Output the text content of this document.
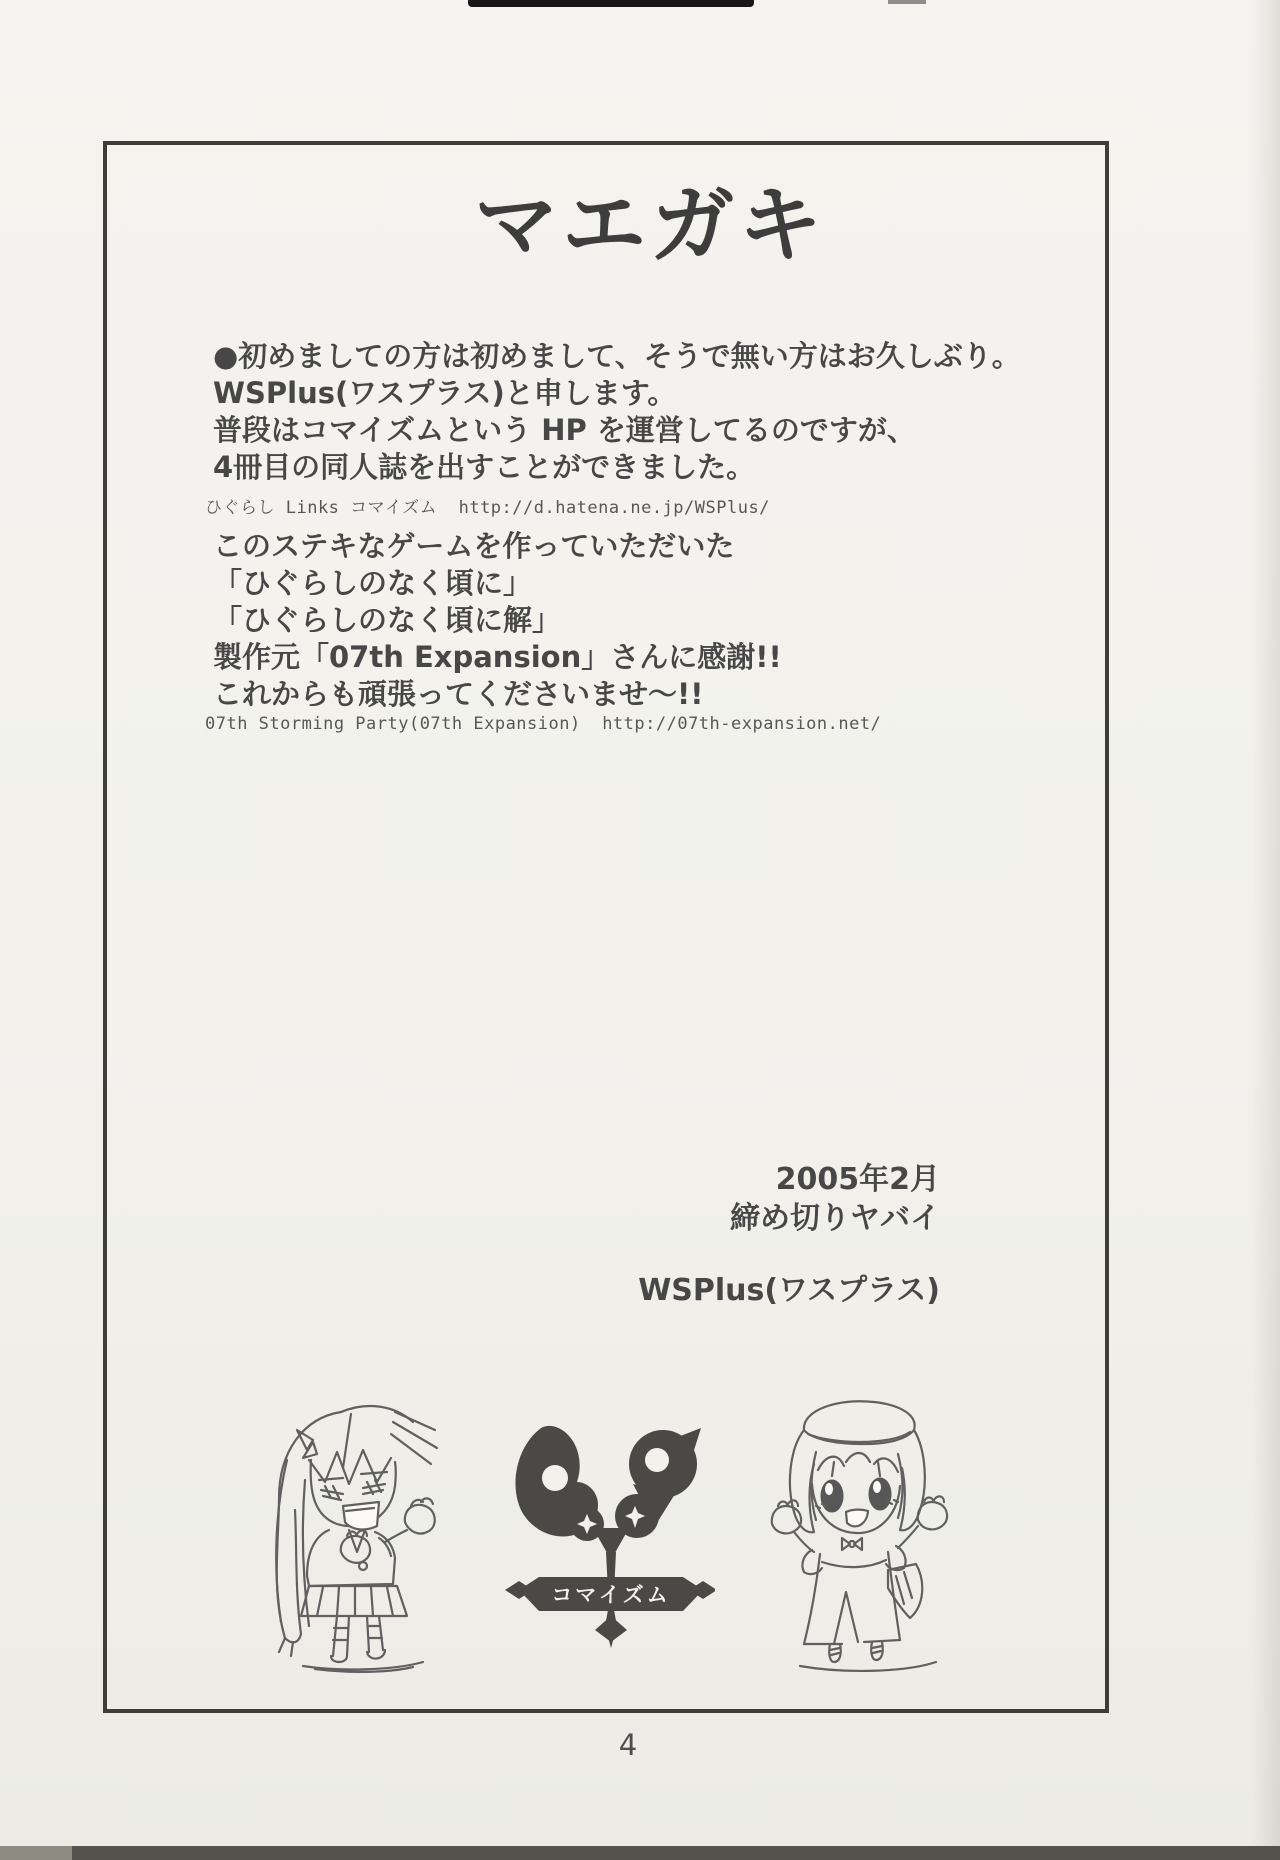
マエガキ
●初めましての方は初めまして、そうで無い方はお久しぶり。
WSPlus(ワスプラス)と申します。
普段はコマイズムという HP を運営してるのですが、
4冊目の同人誌を出すことができました。
ひぐらし Links コマイズム  http://d.hatena.ne.jp/WSPlus/
このステキなゲームを作っていただいた
「ひぐらしのなく頃に」
「ひぐらしのなく頃に解」
製作元「07th Expansion」さんに感謝!!
これからも頑張ってくださいませ～!!
07th Storming Party(07th Expansion)  http://07th-expansion.net/
2005年2月
締め切りヤバイ
WSPlus(ワスプラス)
コマイズム
4
